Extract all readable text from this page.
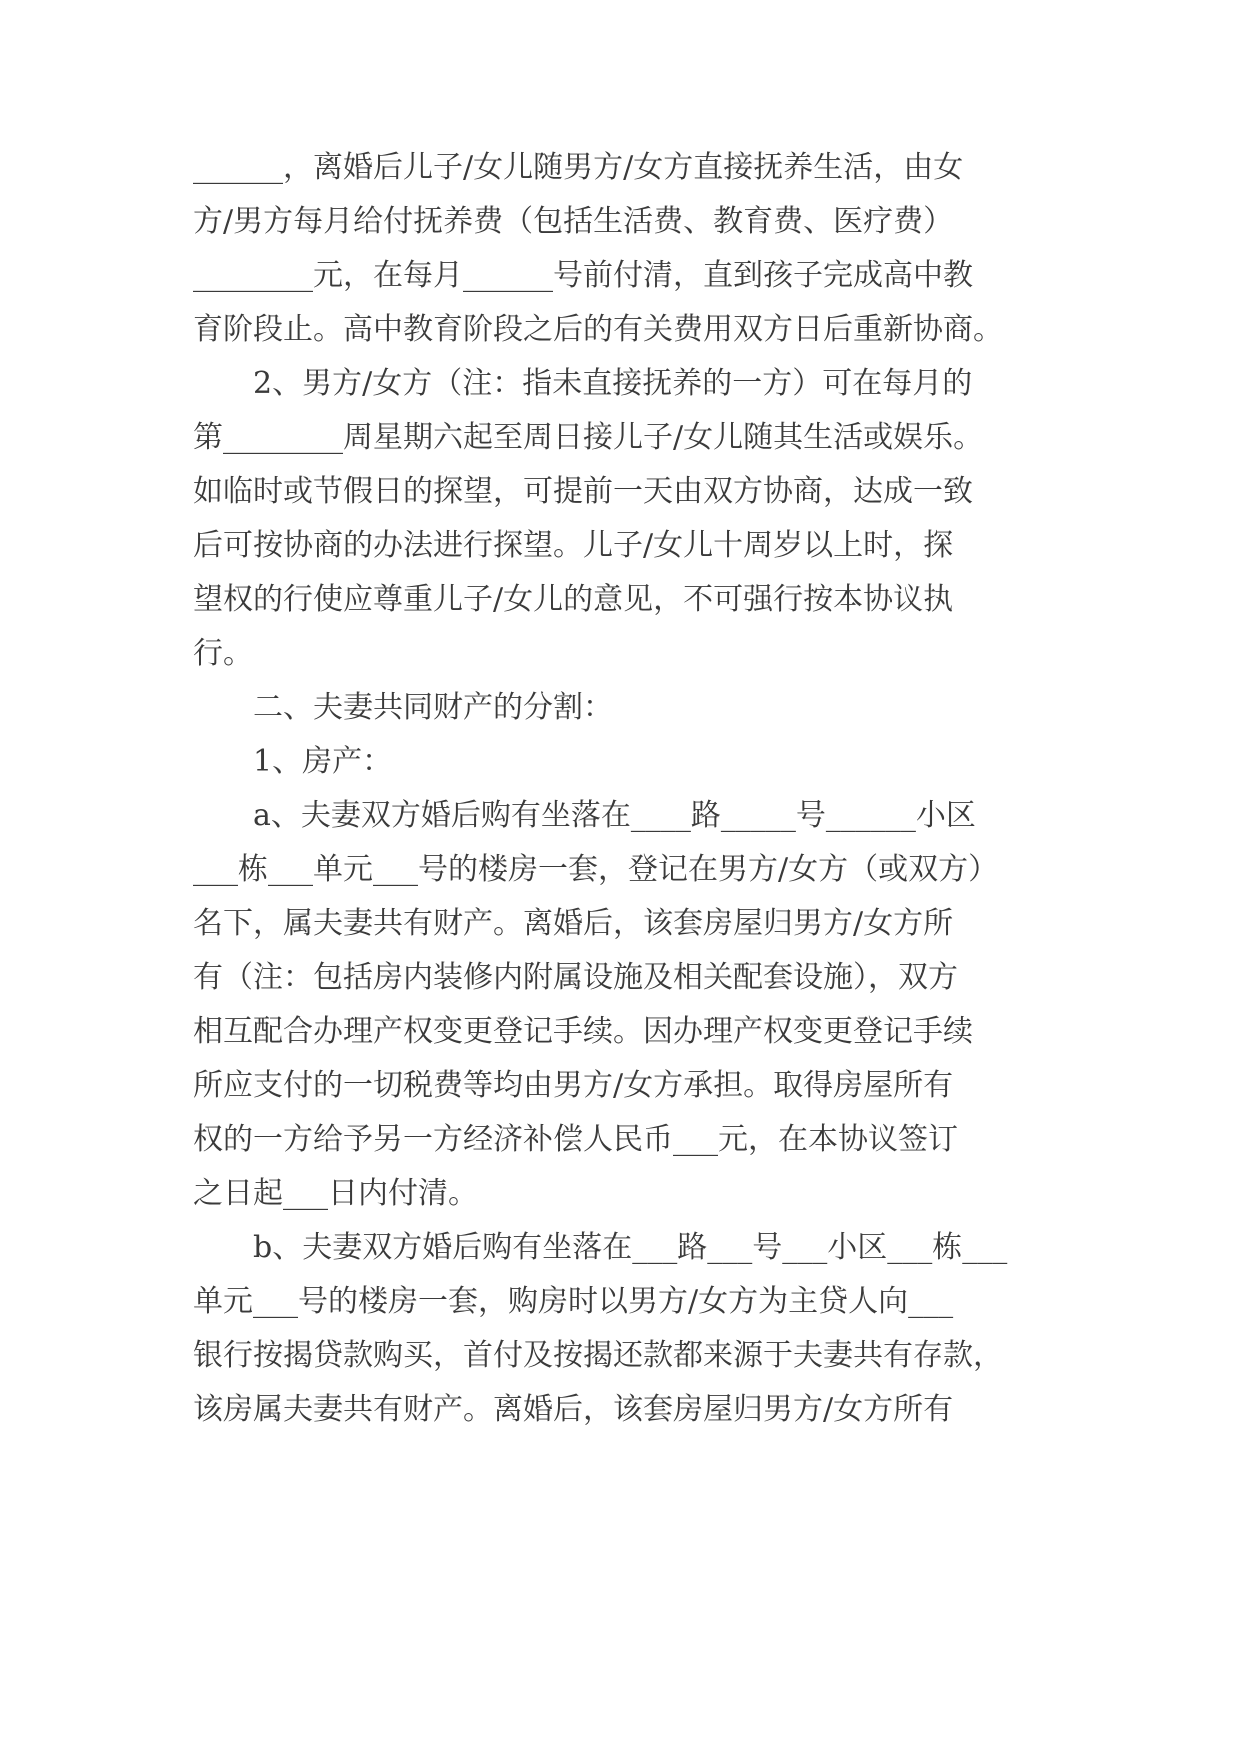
______，离婚后儿子/女儿随男方/女方直接抚养生活，由女
方/男方每月给付抚养费（包括生活费、教育费、医疗费）
________元，在每月______号前付清，直到孩子完成高中教
育阶段止。高中教育阶段之后的有关费用双方日后重新协商。
2、男方/女方（注：指未直接抚养的一方）可在每月的
第________周星期六起至周日接儿子/女儿随其生活或娱乐。
如临时或节假日的探望，可提前一天由双方协商，达成一致
后可按协商的办法进行探望。儿子/女儿十周岁以上时，探
望权的行使应尊重儿子/女儿的意见，不可强行按本协议执
行。
二、夫妻共同财产的分割：
1、房产：
a、夫妻双方婚后购有坐落在____路_____号______小区
___栋___单元___号的楼房一套，登记在男方/女方（或双方）
名下，属夫妻共有财产。离婚后，该套房屋归男方/女方所
有（注：包括房内装修内附属设施及相关配套设施），双方
相互配合办理产权变更登记手续。因办理产权变更登记手续
所应支付的一切税费等均由男方/女方承担。取得房屋所有
权的一方给予另一方经济补偿人民币___元，在本协议签订
之日起___日内付清。
b、夫妻双方婚后购有坐落在___路___号___小区___栋___
单元___号的楼房一套，购房时以男方/女方为主贷人向___
银行按揭贷款购买，首付及按揭还款都来源于夫妻共有存款，
该房属夫妻共有财产。离婚后，该套房屋归男方/女方所有
